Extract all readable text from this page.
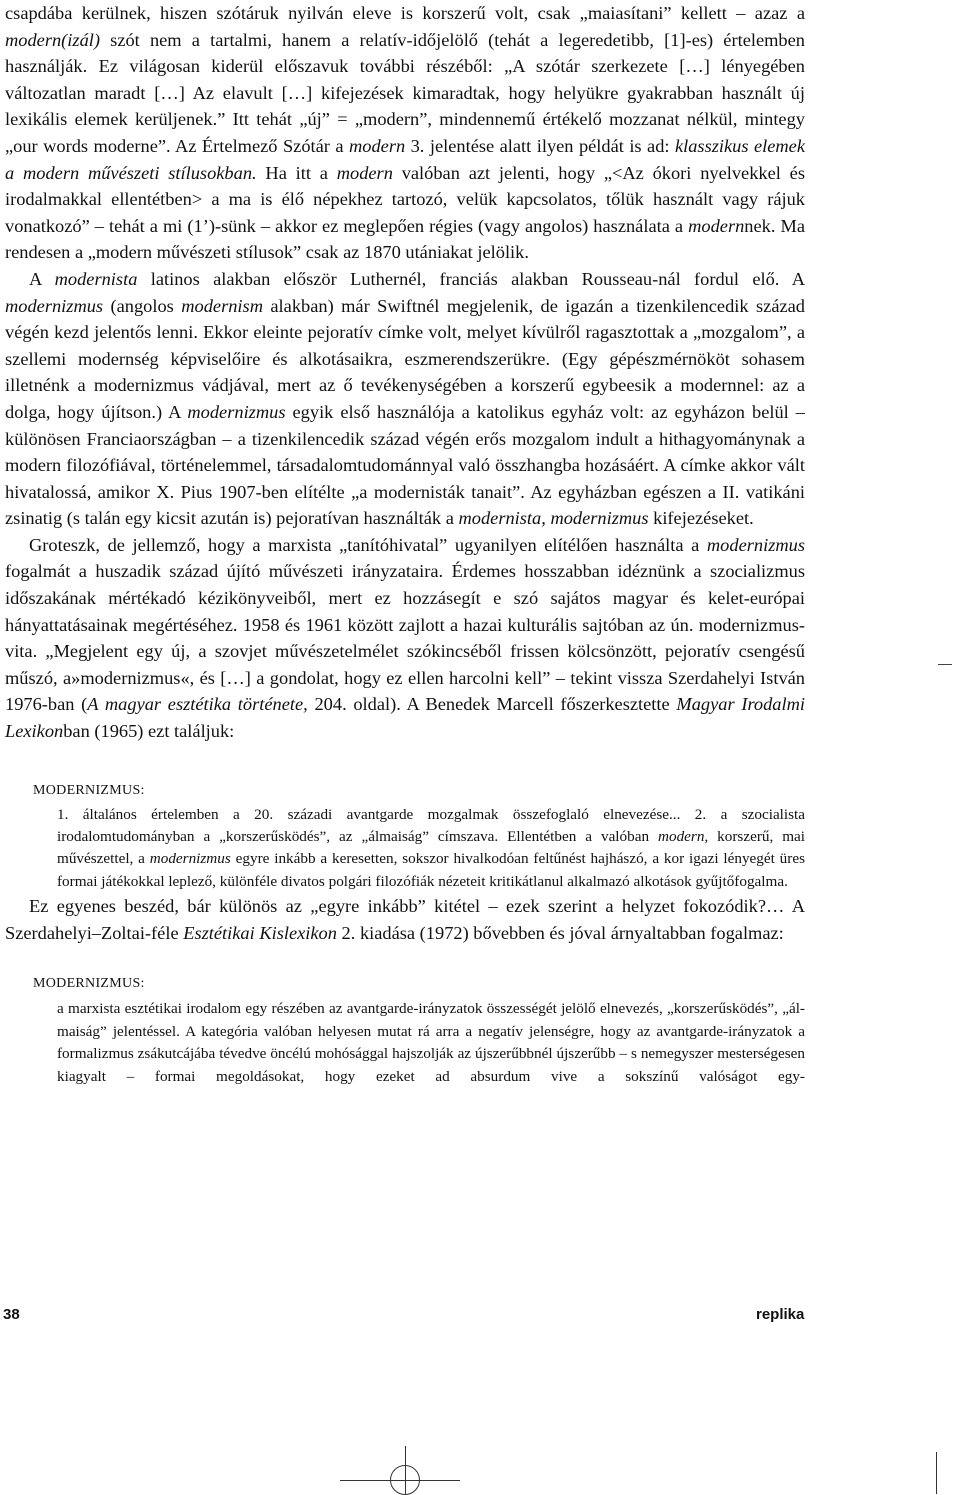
csapdába kerülnek, hiszen szótáruk nyilván eleve is korszerű volt, csak „maiasítani” kellett – azaz a modern(izál) szót nem a tartalmi, hanem a relatív-időjelölő (tehát a legeredetibb, [1]-es) értelemben használják. Ez világosan kiderül előszavuk további részéből: „A szótár szerkezete […] lényegében változatlan maradt […] Az elavult […] kifejezések kimaradtak, hogy helyükre gyakrabban használt új lexikális elemek kerüljenek.” Itt tehát „új” = „modern”, mindennemű értékelő mozzanat nélkül, mintegy „our words moderne”. Az Értelmező Szótár a modern 3. jelentése alatt ilyen példát is ad: klasszikus elemek a modern művészeti stílusokban. Ha itt a modern valóban azt jelenti, hogy „<Az ókori nyelvekkel és irodalmakkal ellentétben> a ma is élő népekhez tartozó, velük kapcsolatos, tőlük használt vagy rájuk vonatkozó” – tehát a mi (1’)-sünk – akkor ez meglepően régies (vagy angolos) használata a modernnek. Ma rendesen a „modern művészeti stílusok” csak az 1870 utániakat jelölik.

A modernista latinos alakban először Luthernél, franciás alakban Rousseau-nál fordul elő. A modernizmus (angolos modernism alakban) már Swiftnél megjelenik, de igazán a tizenkilencedik század végén kezd jelentős lenni. Ekkor eleinte pejoratív címke volt, melyet kívülről ragasztottak a „mozgalom”, a szellemi modernség képviselőire és alkotásaikra, eszmerendszerükre. (Egy gépészmérnököt sohasem illetnénk a modernizmus vádjával, mert az ő tevékenységében a korszerű egybeesik a modernnel: az a dolga, hogy újítson.) A modernizmus egyik első használója a katolikus egyház volt: az egyházon belül – különösen Franciaországban – a tizenkilencedik század végén erős mozgalom indult a hithagyománynak a modern filozófiával, történelemmel, társadalomtudománnyal való összhangba hozásáért. A címke akkor vált hivatalossá, amikor X. Pius 1907-ben elítélte „a modernisták tanait”. Az egyházban egészen a II. vatikáni zsinatig (s talán egy kicsit azután is) pejoratívan használták a modernista, modernizmus kifejezéseket.

Groteszk, de jellemző, hogy a marxista „tanítóhivatal” ugyanilyen elítélően használta a modernizmus fogalmát a huszadik század újító művészeti irányzataira. Érdemes hosszabban idéznünk a szocializmus időszakának mértékadó kézikönyveiből, mert ez hozzásegít e szó sajátos magyar és kelet-európai hányattatásainak megértéséhez. 1958 és 1961 között zajlott a hazai kulturális sajtóban az ún. modernizmus-vita. „Megjelent egy új, a szovjet művészetelmélet szókincséből frissen kölcsönzött, pejoratív csengésű műszó, a»modernizmus«, és […] a gondolat, hogy ez ellen harcolni kell” – tekint vissza Szerdahelyi István 1976-ban (A magyar esztétika története, 204. oldal). A Benedek Marcell főszerkesztette Magyar Irodalmi Lexikonban (1965) ezt találjuk:

MODERNIZMUS:
1. általános értelemben a 20. századi avantgarde mozgalmak összefoglaló elnevezése... 2. a szocialista irodalomtudományban a „korszerűsködés”, az „álmaiság” címszava. Ellentétben a valóban modern, korszerű, mai művészettel, a modernizmus egyre inkább a keresetten, sokszor hivalkodóan feltűnést hajhászó, a kor igazi lényegét üres formai játékokkal leplező, különféle divatos polgári filozófiák nézeteit kritikátlanul alkalmazó alkotások gyűjtőfogalma.

Ez egyenes beszéd, bár különös az „egyre inkább” kitétel – ezek szerint a helyzet fokozódik?… A Szerdahelyi–Zoltai-féle Esztétikai Kislexikon 2. kiadása (1972) bővebben és jóval árnyaltabban fogalmaz:

MODERNIZMUS:
a marxista esztétikai irodalom egy részében az avantgarde-irányzatok összességét jelölő elnevezés, „korszerűsködés”, „ál-maiság” jelentéssel. A kategória valóban helyesen mutat rá arra a negatív jelenségre, hogy az avantgarde-irányzatok a formalizmus zsákutcájába tévedve öncélú mohósággal hajszolják az újszerűbbnél újszerűbb – s nemegyszer mesterségesen kiagyalt – formai megoldásokat, hogy ezeket ad absurdum vive a sokszínű valóságot egy-
38	replika
